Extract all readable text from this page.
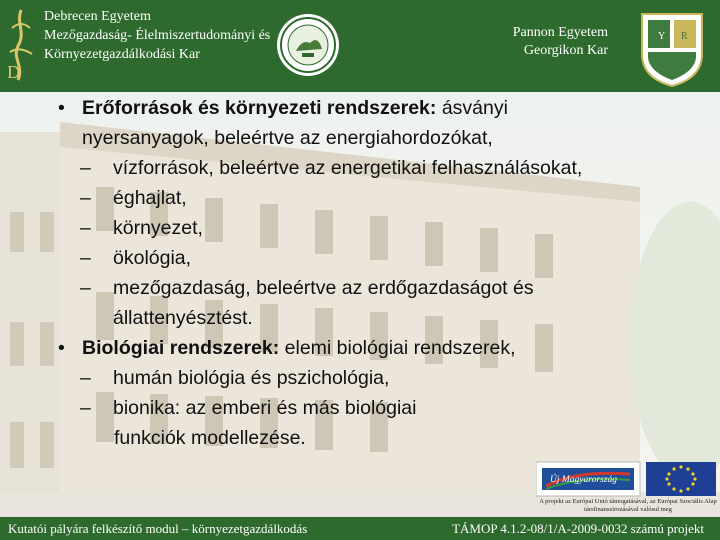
D
Debrecen Egyetem
Mezőgazdaság- Élelmiszertudományi és
Környezetgazdálkodási Kar
Pannon Egyetem
Georgikon Kar
Y R
• Erőforrások és környezeti rendszerek: ásványi
nyersanyagok, beleértve az energiahordozókat,
– vízforrások, beleértve az energetikai felhasználásokat,
– éghajlat,
– környezet,
– ökológia,
– mezőgazdaság, beleértve az erdőgazdaságot és
állattenyésztést.
• Biológiai rendszerek: elemi biológiai rendszerek,
– humán biológia és pszichológia,
– bionika: az emberi és más biológiai
funkciók modellezése.
Új Magyarország
A projekt az Európai Unió támogatásával, az Európai Szociális Alap társfinanszírozásával valósul meg
Kutatói pályára felkészítő modul – környezetgazdálkodás	TÁMOP 4.1.2-08/1/A-2009-0032 számú projekt
